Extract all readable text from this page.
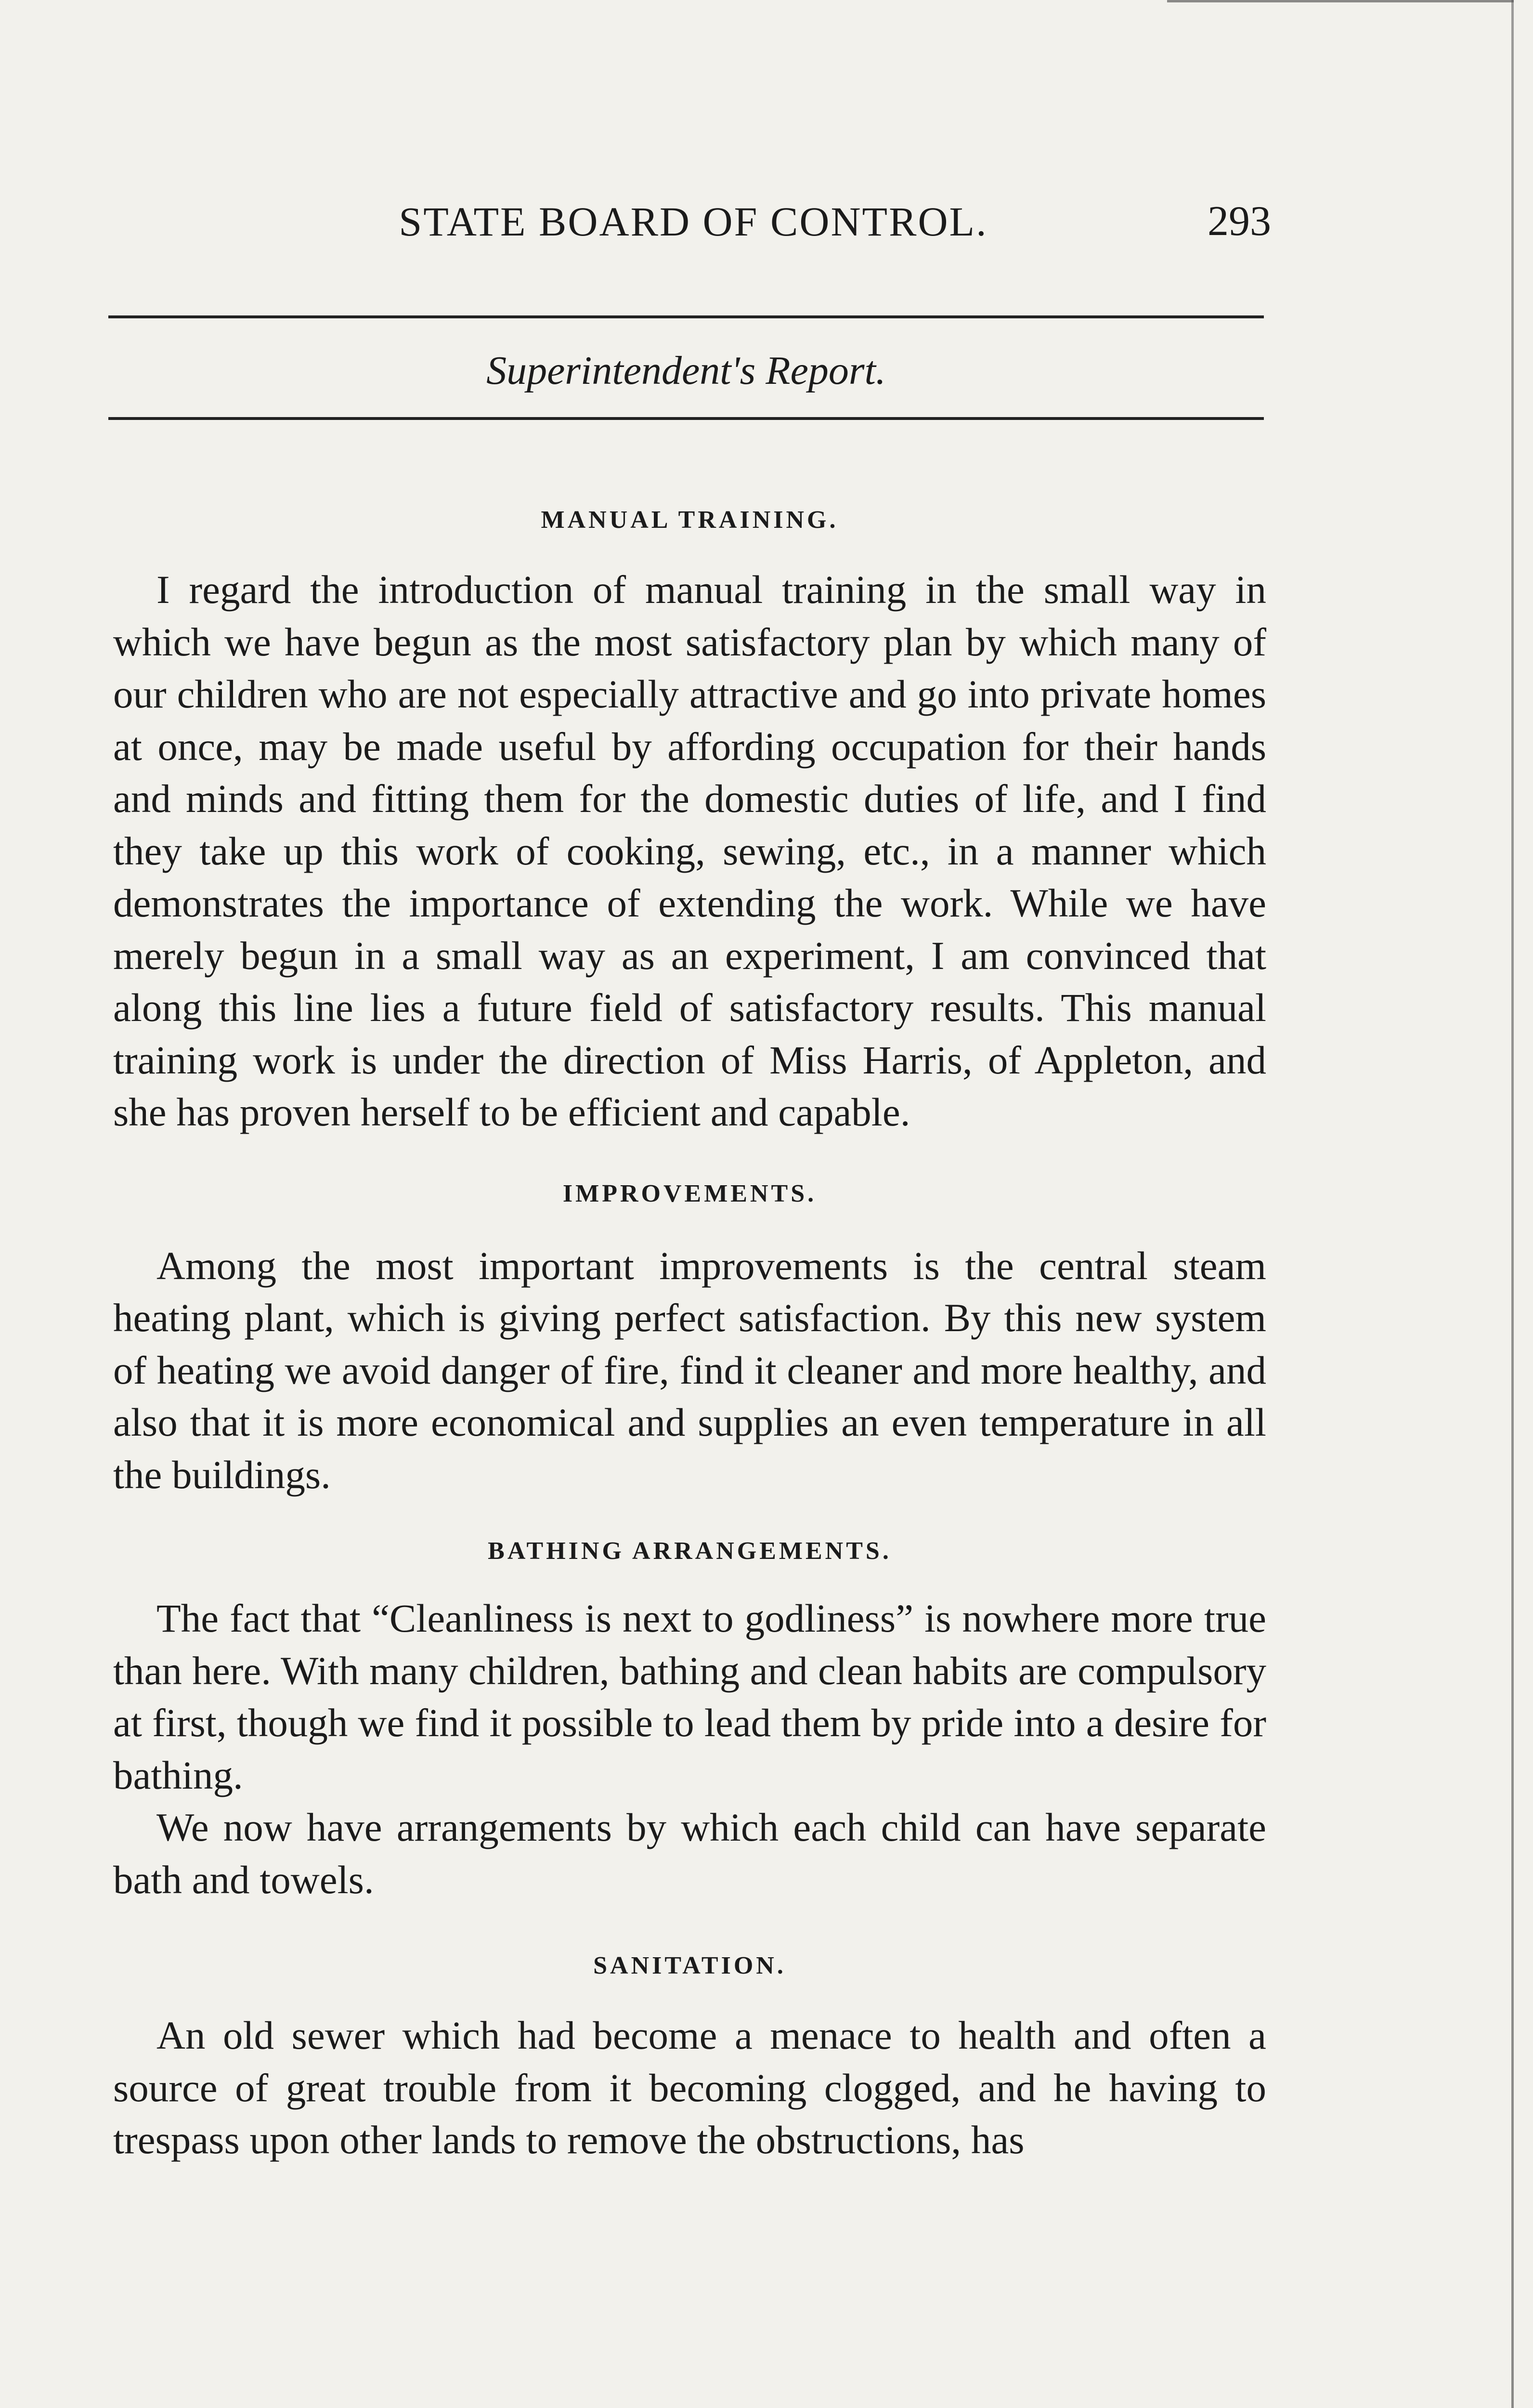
STATE BOARD OF CONTROL.	293
Superintendent's Report.
MANUAL TRAINING.

I regard the introduction of manual training in the small way in which we have begun as the most satisfactory plan by which many of our children who are not especially attractive and go into private homes at once, may be made useful by affording occupation for their hands and minds and fitting them for the domestic duties of life, and I find they take up this work of cooking, sewing, etc., in a manner which demonstrates the importance of extending the work. While we have merely begun in a small way as an experiment, I am convinced that along this line lies a future field of satisfactory results. This manual training work is under the direction of Miss Harris, of Appleton, and she has proven herself to be efficient and capable.

IMPROVEMENTS.

Among the most important improvements is the central steam heating plant, which is giving perfect satisfaction. By this new system of heating we avoid danger of fire, find it cleaner and more healthy, and also that it is more economical and supplies an even temperature in all the buildings.

BATHING ARRANGEMENTS.

The fact that “Cleanliness is next to godliness” is nowhere more true than here. With many children, bathing and clean habits are compulsory at first, though we find it possible to lead them by pride into a desire for bathing.

We now have arrangements by which each child can have separate bath and towels.

SANITATION.

An old sewer which had become a menace to health and often a source of great trouble from it becoming clogged, and he having to trespass upon other lands to remove the obstructions, has
